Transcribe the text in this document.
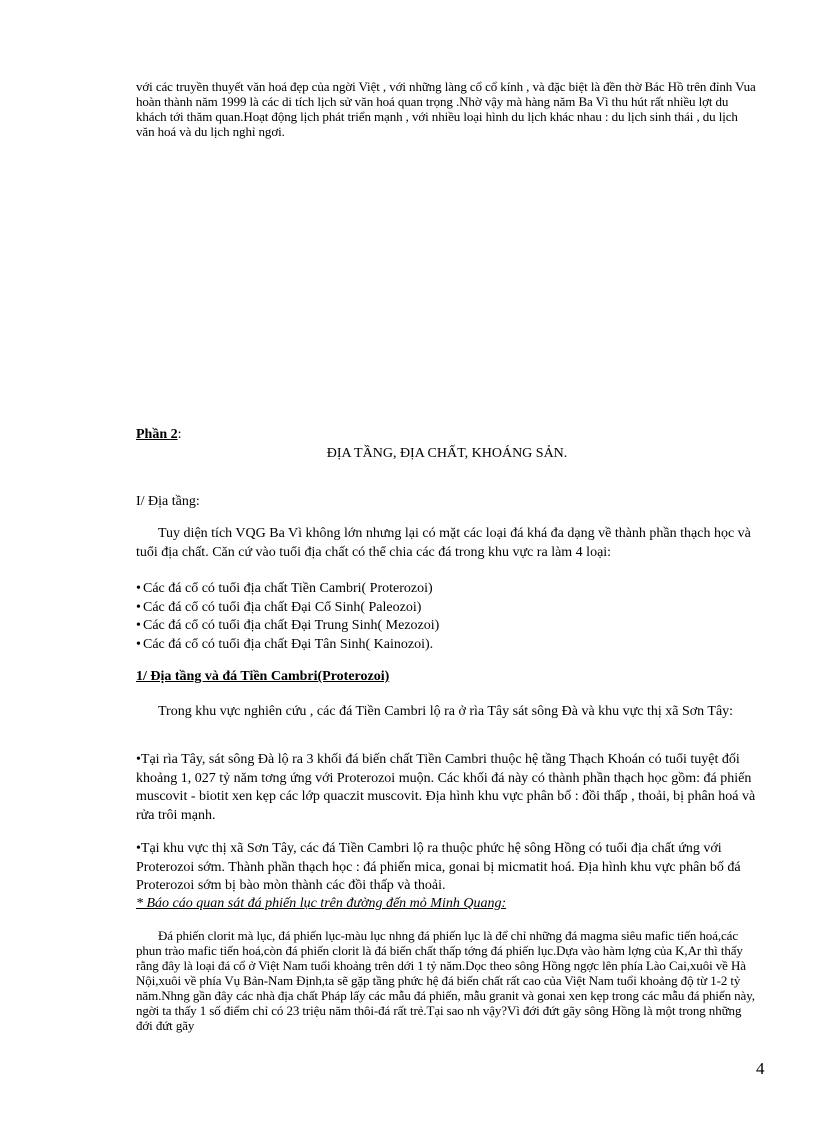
với các truyền thuyết văn hoá đẹp của ngời Việt , với những làng cổ cổ kính , và đặc biệt là đền thờ Bác Hồ trên đỉnh Vua hoàn thành năm 1999 là các di tích lịch sử văn hoá quan trọng .Nhờ vậy mà hàng năm Ba Vì thu hút rất nhiều lợt du khách tới thăm quan.Hoạt động lịch phát triển mạnh , với nhiều loại hình du lịch khác nhau : du lịch sinh thái , du lịch văn hoá và du lịch nghỉ ngơi.
Phần 2:
ĐỊA TẦNG, ĐỊA CHẤT, KHOÁNG SẢN.
I/ Địa tầng:
Tuy diện tích VQG Ba Vì không lớn nhưng lại có mặt các loại đá khá đa dạng về thành phần thạch học và tuổi địa chất. Căn cứ vào tuổi địa chất có thể chia các đá trong khu vực ra làm 4 loại:
• Các đá cổ có tuổi địa chất Tiền Cambri( Proterozoi)
• Các đá cổ có tuổi địa chất Đại Cổ Sinh( Paleozoi)
• Các đá cổ có tuổi địa chất Đại Trung Sinh( Mezozoi)
• Các đá cổ có tuổi địa chất Đại Tân Sinh( Kainozoi).
1/ Địa tầng và đá Tiền Cambri(Proterozoi)
Trong khu vực nghiên cứu , các đá Tiền Cambri lộ ra ở rìa Tây sát sông Đà và khu vực thị xã Sơn Tây:
•Tại rìa Tây, sát sông Đà lộ ra 3 khối đá biến chất Tiền Cambri thuộc hệ tầng Thạch Khoán có tuổi tuyệt đối khoảng 1, 027 tỷ năm tơng ứng với Proterozoi muộn. Các khối đá này có thành phần thạch học gồm: đá phiến muscovit - biotit xen kẹp các lớp quaczit muscovit. Địa hình khu vực phân bố : đồi thấp , thoải, bị phân hoá và rửa trôi mạnh.
•Tại khu vực thị xã Sơn Tây, các đá Tiền Cambri lộ ra thuộc phức hệ sông Hồng có tuổi địa chất ứng với Proterozoi sớm. Thành phần thạch học : đá phiến mica, gonai bị micmatit hoá. Địa hình khu vực phân bố đá Proterozoi sớm bị bào mòn thành các đồi thấp và thoải.
* Báo cáo quan sát đá phiến lục trên đường đến mỏ Minh Quang:
Đá phiến clorit mà lục, đá phiến lục-màu lục nhng đá phiến lục là để chỉ những đá magma siêu mafic tiến hoá,các phun trào mafic tiến hoá,còn đá phiến clorit là đá biến chất thấp tớng đá phiến lục.Dựa vào hàm lợng của K,Ar thì thấy rằng đây là loại đá cổ ở Việt Nam tuổi khoảng trên dới 1 tỷ năm.Dọc theo sông Hồng ngợc lên phía Lào Cai,xuôi về Hà Nội,xuôi về phía Vụ Bản-Nam Định,ta sẽ gặp tầng phức hệ đá biến chất rất cao của Việt Nam tuổi khoảng độ từ 1-2 tỷ năm.Nhng gần đây các nhà địa chất Pháp lấy các mẫu đá phiến, mẫu granit và gonai xen kẹp trong các mẫu đá phiến này, ngời ta thấy 1 số điểm chỉ có 23 triệu năm thôi-đá rất trẻ.Tại sao nh vậy?Vì đới đứt gãy sông Hồng là một trong những đới đứt gãy
4
